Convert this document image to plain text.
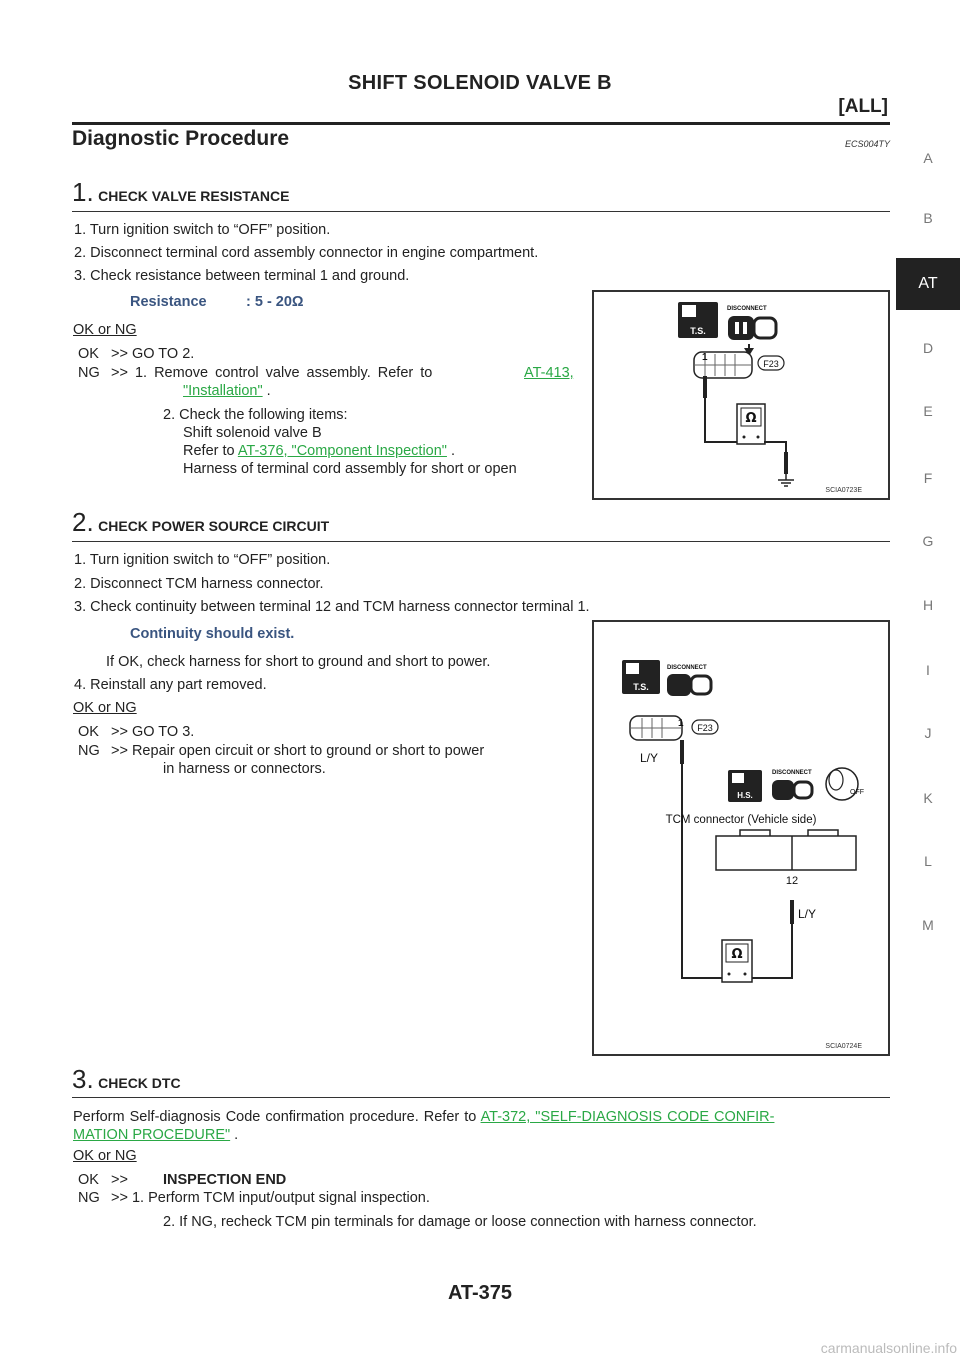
SHIFT SOLENOID VALVE B
[ALL]
Diagnostic Procedure	ECS004TY
A
B
AT
D
E
F
G
H
I
J
K
L
M
1. CHECK VALVE RESISTANCE
1. Turn ignition switch to “OFF” position.
2. Disconnect terminal cord assembly connector in engine compartment.
3. Check resistance between terminal 1 and ground.
Resistance	: 5 - 20Ω
OK or NG
OK >> GO TO 2.
NG >> 1. Remove control valve assembly. Refer to	AT-413,
"Installation" .
2. Check the following items:
Shift solenoid valve B
Refer to AT-376, "Component Inspection" .
Harness of terminal cord assembly for short or open
T.S.
DISCONNECT
1
F23
Ω
SCIA0723E
2. CHECK POWER SOURCE CIRCUIT
1. Turn ignition switch to “OFF” position.
2. Disconnect TCM harness connector.
3. Check continuity between terminal 12 and TCM harness connector terminal 1.
Continuity should exist.
If OK, check harness for short to ground and short to power.
4. Reinstall any part removed.
OK or NG
OK >> GO TO 3.
NG >> Repair open circuit or short to ground or short to power
in harness or connectors.
T.S.
DISCONNECT
1 F23
L/Y
H.S.
DISCONNECT
OFF
TCM connector (Vehicle side)
12
L/Y
Ω
SCIA0724E
3. CHECK DTC
Perform Self-diagnosis Code confirmation procedure. Refer to AT-372, "SELF-DIAGNOSIS CODE CONFIR-
MATION PROCEDURE" .
OK or NG
OK >> INSPECTION END
NG >> 1. Perform TCM input/output signal inspection.
2. If NG, recheck TCM pin terminals for damage or loose connection with harness connector.
AT-375
carmanualsonline.info
